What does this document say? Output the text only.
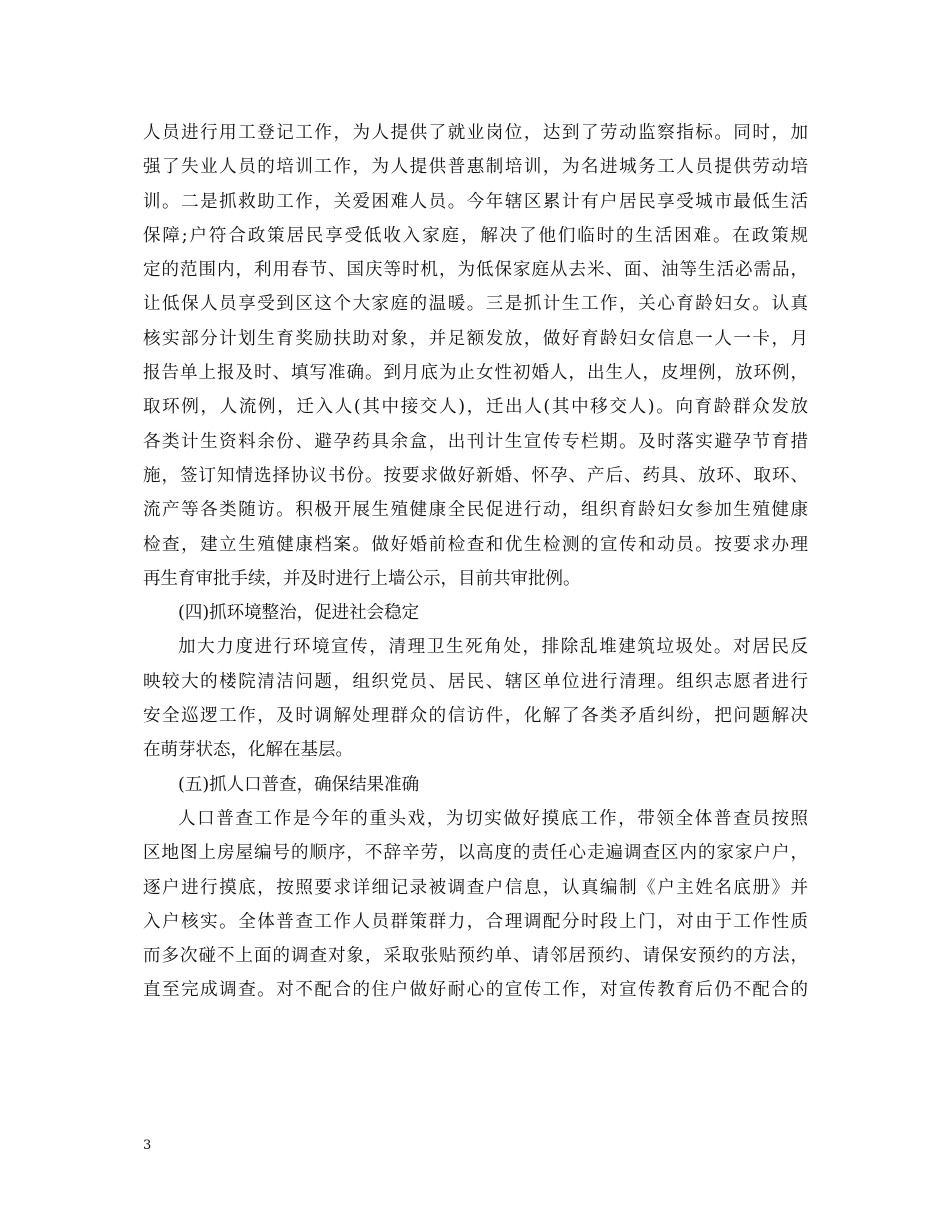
人员进行用工登记工作，为人提供了就业岗位，达到了劳动监察指标。同时，加
强了失业人员的培训工作，为人提供普惠制培训，为名进城务工人员提供劳动培
训。二是抓救助工作，关爱困难人员。今年辖区累计有户居民享受城市最低生活
保障;户符合政策居民享受低收入家庭，解决了他们临时的生活困难。在政策规
定的范围内，利用春节、国庆等时机，为低保家庭从去米、面、油等生活必需品，
让低保人员享受到区这个大家庭的温暖。三是抓计生工作，关心育龄妇女。认真
核实部分计划生育奖励扶助对象，并足额发放，做好育龄妇女信息一人一卡，月
报告单上报及时、填写准确。到月底为止女性初婚人，出生人，皮埋例，放环例，
取环例，人流例，迁入人(其中接交人)，迁出人(其中移交人)。向育龄群众发放
各类计生资料余份、避孕药具余盒，出刊计生宣传专栏期。及时落实避孕节育措
施，签订知情选择协议书份。按要求做好新婚、怀孕、产后、药具、放环、取环、
流产等各类随访。积极开展生殖健康全民促进行动，组织育龄妇女参加生殖健康
检查，建立生殖健康档案。做好婚前检查和优生检测的宣传和动员。按要求办理
再生育审批手续，并及时进行上墙公示，目前共审批例。
(四)抓环境整治，促进社会稳定
加大力度进行环境宣传，清理卫生死角处，排除乱堆建筑垃圾处。对居民反
映较大的楼院清洁问题，组织党员、居民、辖区单位进行清理。组织志愿者进行
安全巡逻工作，及时调解处理群众的信访件，化解了各类矛盾纠纷，把问题解决
在萌芽状态，化解在基层。
(五)抓人口普查，确保结果准确
人口普查工作是今年的重头戏，为切实做好摸底工作，带领全体普查员按照
区地图上房屋编号的顺序，不辞辛劳，以高度的责任心走遍调查区内的家家户户，
逐户进行摸底，按照要求详细记录被调查户信息，认真编制《户主姓名底册》并
入户核实。全体普查工作人员群策群力，合理调配分时段上门，对由于工作性质
而多次碰不上面的调查对象，采取张贴预约单、请邻居预约、请保安预约的方法，
直至完成调查。对不配合的住户做好耐心的宣传工作，对宣传教育后仍不配合的
3
